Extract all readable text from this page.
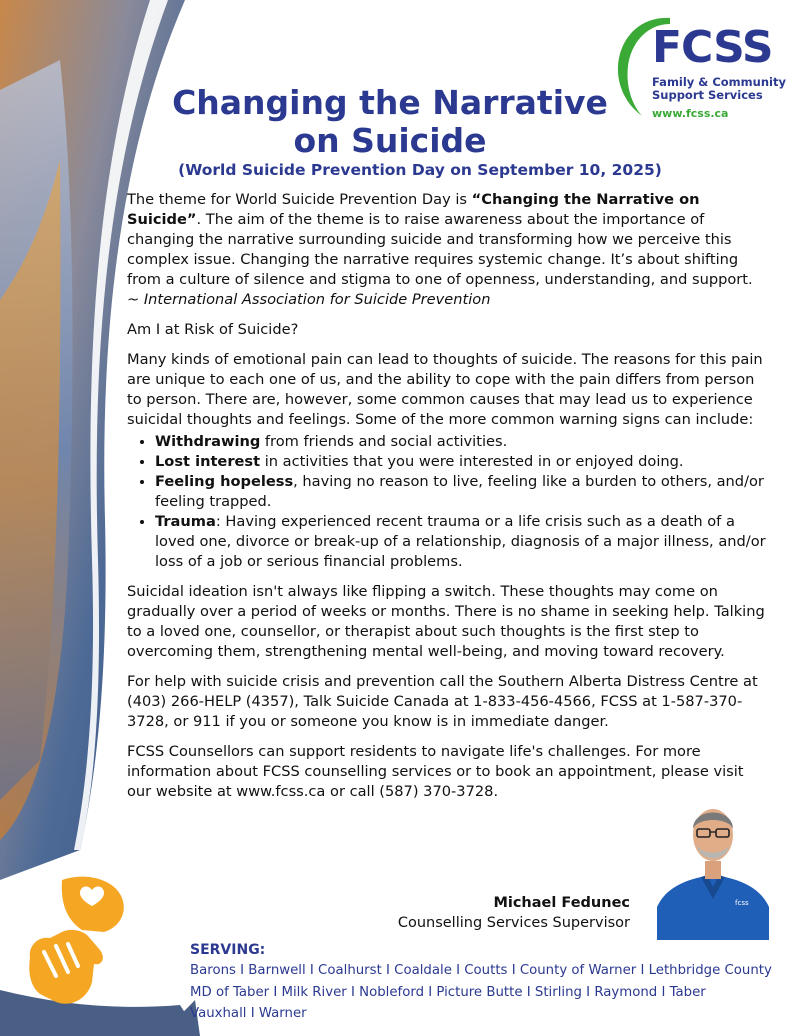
FCSS
Family & Community
Support Services
www.fcss.ca
Changing the Narrative
on Suicide
(World Suicide Prevention Day on September 10, 2025)

The theme for World Suicide Prevention Day is “Changing the Narrative on Suicide”. The aim of the theme is to raise awareness about the importance of changing the narrative surrounding suicide and transforming how we perceive this complex issue. Changing the narrative requires systemic change. It’s about shifting from a culture of silence and stigma to one of openness, understanding, and support. ~ International Association for Suicide Prevention

Am I at Risk of Suicide?

Many kinds of emotional pain can lead to thoughts of suicide. The reasons for this pain are unique to each one of us, and the ability to cope with the pain differs from person to person. There are, however, some common causes that may lead us to experience suicidal thoughts and feelings. Some of the more common warning signs can include:

• Withdrawing from friends and social activities.
• Lost interest in activities that you were interested in or enjoyed doing.
• Feeling hopeless, having no reason to live, feeling like a burden to others, and/or feeling trapped.
• Trauma: Having experienced recent trauma or a life crisis such as a death of a loved one, divorce or break-up of a relationship, diagnosis of a major illness, and/or loss of a job or serious financial problems.

Suicidal ideation isn't always like flipping a switch. These thoughts may come on gradually over a period of weeks or months. There is no shame in seeking help. Talking to a loved one, counsellor, or therapist about such thoughts is the first step to overcoming them, strengthening mental well-being, and moving toward recovery.

For help with suicide crisis and prevention call the Southern Alberta Distress Centre at (403) 266-HELP (4357), Talk Suicide Canada at 1-833-456-4566, FCSS at 1-587-370-3728, or 911 if you or someone you know is in immediate danger.

FCSS Counsellors can support residents to navigate life's challenges. For more information about FCSS counselling services or to book an appointment, please visit our website at www.fcss.ca or call (587) 370-3728.

Michael Fedunec
Counselling Services Supervisor
fcss
SERVING:
Barons I Barnwell I Coalhurst I Coaldale I Coutts I County of Warner I Lethbridge County
MD of Taber I Milk River I Nobleford I Picture Butte I Stirling I Raymond I Taber
Vauxhall I Warner
